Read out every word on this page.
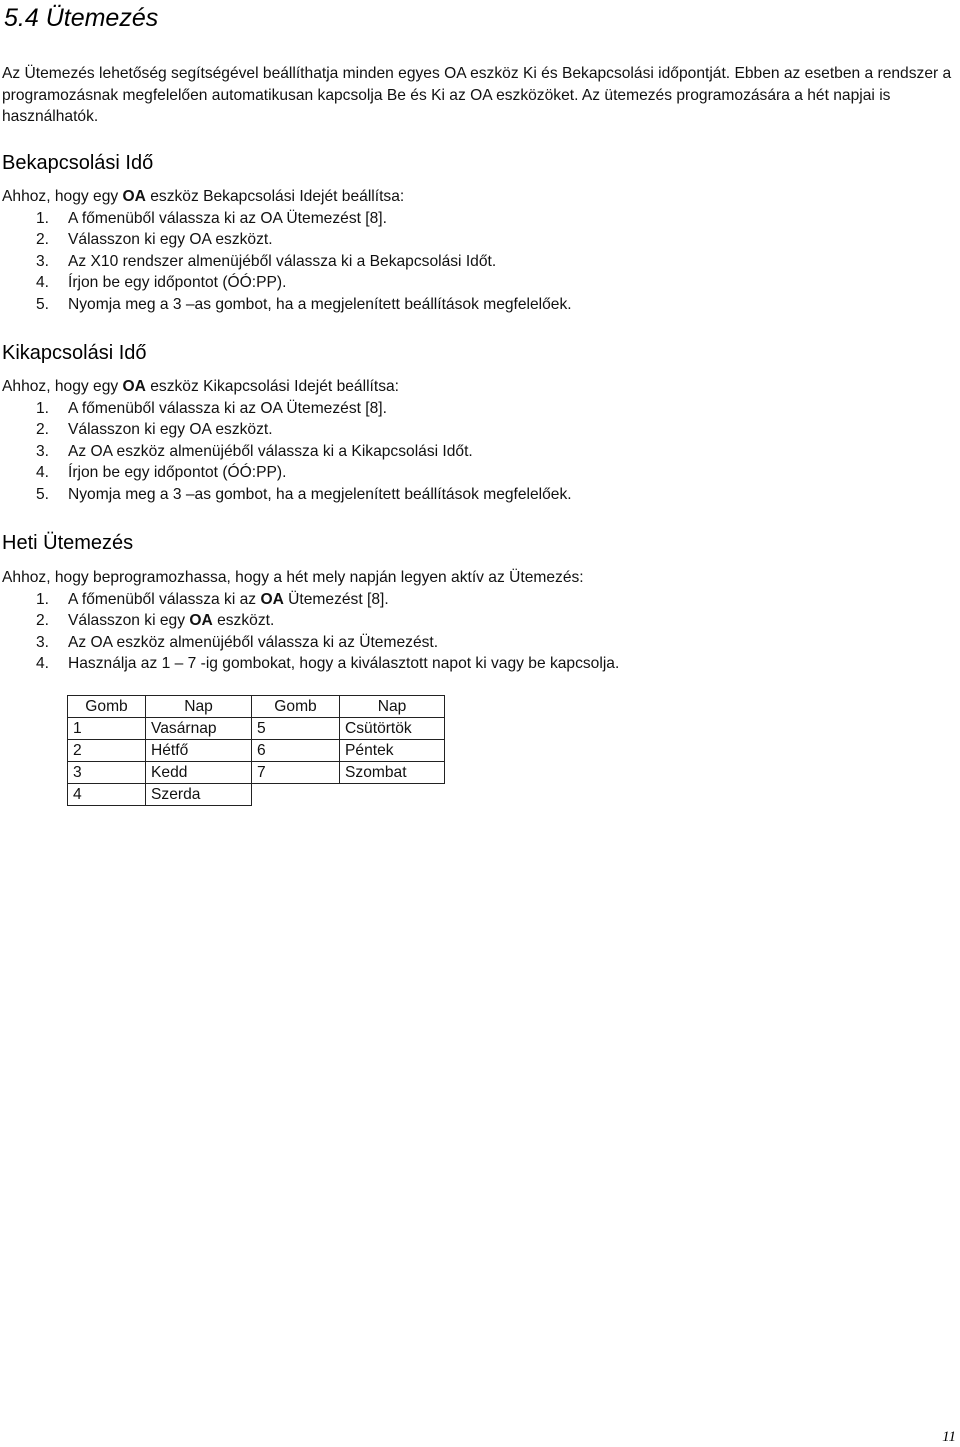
5.4 Ütemezés

Az Ütemezés lehetőség segítségével beállíthatja minden egyes OA eszköz Ki és Bekapcsolási időpontját. Ebben az esetben a rendszer a programozásnak megfelelően automatikusan kapcsolja Be és Ki az OA eszközöket. Az ütemezés programozására a hét napjai is használhatók.

Bekapcsolási Idő

Ahhoz, hogy egy OA eszköz Bekapcsolási Idejét beállítsa:

1. A főmenüből válassza ki az OA Ütemezést [8].
2. Válasszon ki egy OA eszközt.
3. Az X10 rendszer almenüjéből válassza ki a Bekapcsolási Időt.
4. Írjon be egy időpontot (ÓÓ:PP).
5. Nyomja meg a 3 –as gombot, ha a megjelenített beállítások megfelelőek.
Kikapcsolási Idő

Ahhoz, hogy egy OA eszköz Kikapcsolási Idejét beállítsa:

1. A főmenüből válassza ki az OA Ütemezést [8].
2. Válasszon ki egy OA eszközt.
3. Az OA eszköz almenüjéből válassza ki a Kikapcsolási Időt.
4. Írjon be egy időpontot (ÓÓ:PP).
5. Nyomja meg a 3 –as gombot, ha a megjelenített beállítások megfelelőek.
Heti Ütemezés

Ahhoz, hogy beprogramozhassa, hogy a hét mely napján legyen aktív az Ütemezés:

1. A főmenüből válassza ki az OA Ütemezést [8].
2. Válasszon ki egy OA eszközt.
3. Az OA eszköz almenüjéből válassza ki az Ütemezést.
4. Használja az 1 – 7 -ig gombokat, hogy a kiválasztott napot ki vagy be kapcsolja.
Gomb	Nap	Gomb	Nap
1	Vasárnap	5	Csütörtök
2	Hétfő	6	Péntek
3	Kedd	7	Szombat
4	Szerda		
11
